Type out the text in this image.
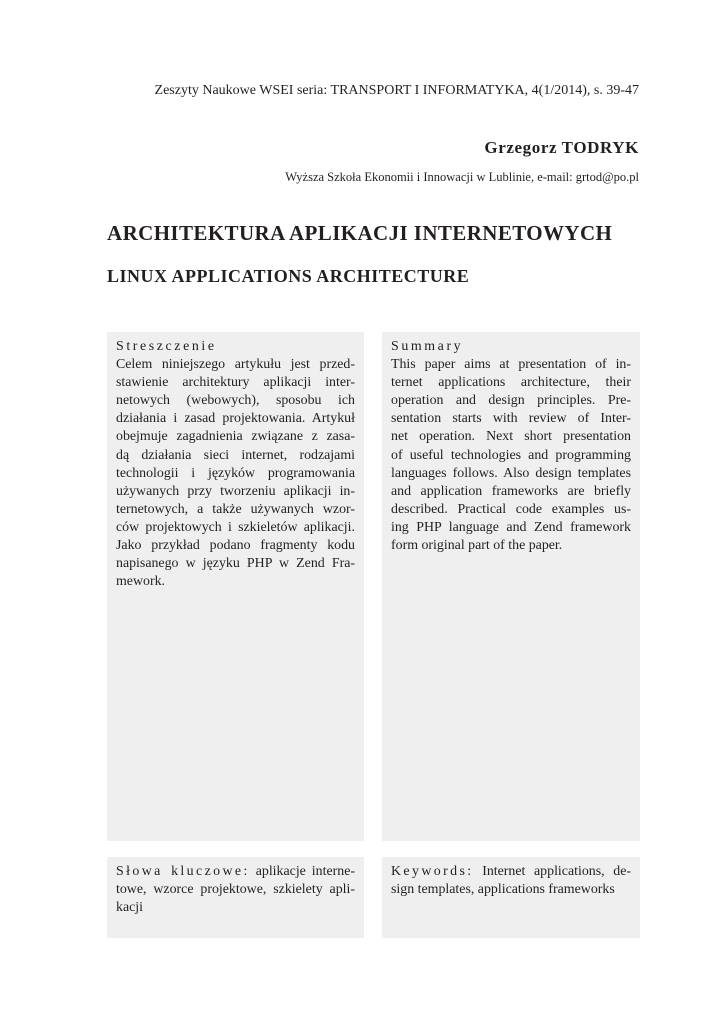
Zeszyty Naukowe WSEI seria: TRANSPORT I INFORMATYKA, 4(1/2014), s. 39-47
Grzegorz TODRYK
Wyższa Szkoła Ekonomii i Innowacji w Lublinie, e-mail: grtod@po.pl
ARCHITEKTURA APLIKACJI INTERNETOWYCH
LINUX APPLICATIONS ARCHITECTURE
Streszczenie
Celem niniejszego artykułu jest przed-
stawienie architektury aplikacji inter-
netowych (webowych), sposobu ich
działania i zasad projektowania. Artykuł
obejmuje zagadnienia związane z zasa-
dą działania sieci internet, rodzajami
technologii i języków programowania
używanych przy tworzeniu aplikacji in-
ternetowych, a także używanych wzor-
ców projektowych i szkieletów aplikacji.
Jako przykład podano fragmenty kodu
napisanego w języku PHP w Zend Fra-
mework.
Summary
This paper aims at presentation of in-
ternet applications architecture, their
operation and design principles. Pre-
sentation starts with review of Inter-
net operation. Next short presentation
of useful technologies and programming
languages follows. Also design templates
and application frameworks are briefly
described. Practical code examples us-
ing PHP language and Zend framework
form original part of the paper.
Słowa kluczowe: aplikacje interne-
towe, wzorce projektowe, szkielety apli-
kacji
Keywords: Internet applications, de-
sign templates, applications frameworks
